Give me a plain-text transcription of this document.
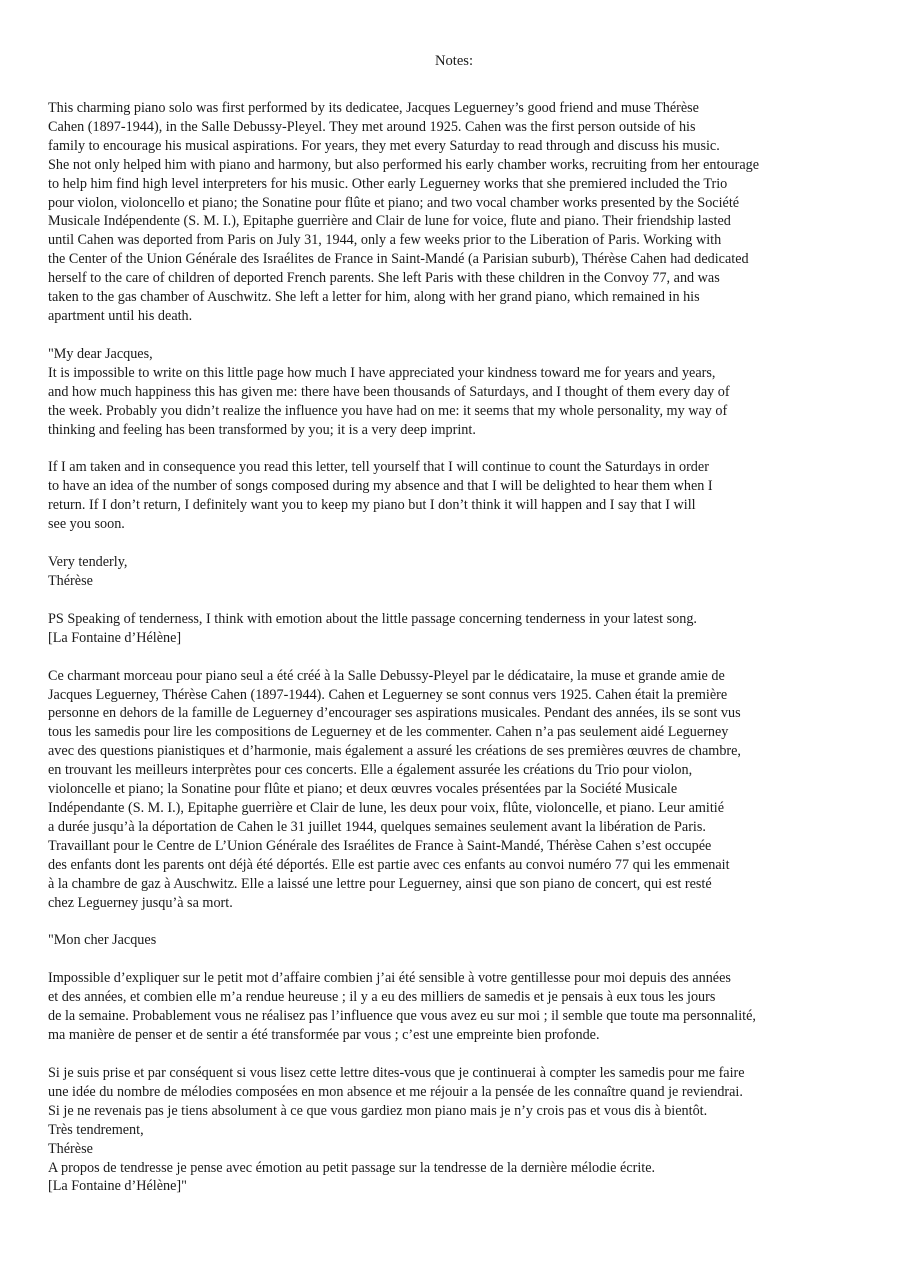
Notes:
This charming piano solo was first performed by its dedicatee, Jacques Leguerney’s good friend and muse Thérèse
Cahen (1897-1944), in the Salle Debussy-Pleyel. They met around 1925. Cahen was the first person outside of his
family to encourage his musical aspirations. For years, they met every Saturday to read through and discuss his music.
She not only helped him with piano and harmony, but also performed his early chamber works, recruiting from her entourage
to help him find high level interpreters for his music. Other early Leguerney works that she premiered included the Trio
pour violon, violoncello et piano; the Sonatine pour flûte et piano; and two vocal chamber works presented by the Société
Musicale Indépendente (S. M. I.), Epitaphe guerrière and Clair de lune for voice, flute and piano. Their friendship lasted
until Cahen was deported from Paris on July 31, 1944, only a few weeks prior to the Liberation of Paris. Working with
the Center of the Union Générale des Israélites de France in Saint-Mandé (a Parisian suburb), Thérèse Cahen had dedicated
herself to the care of children of deported French parents. She left Paris with these children in the Convoy 77, and was
taken to the gas chamber of Auschwitz. She left a letter for him, along with her grand piano, which remained in his
apartment until his death.
"My dear Jacques,
It is impossible to write on this little page how much I have appreciated your kindness toward me for years and years,
and how much happiness this has given me: there have been thousands of Saturdays, and I thought of them every day of
the week. Probably you didn’t realize the influence you have had on me: it seems that my whole personality, my way of
thinking and feeling has been transformed by you; it is a very deep imprint.
If I am taken and in consequence you read this letter, tell yourself that I will continue to count the Saturdays in order
to have an idea of the number of songs composed during my absence and that I will be delighted to hear them when I
return. If I don’t return, I definitely want you to keep my piano but I don’t think it will happen and I say that I will
see you soon.
Very tenderly,
Thérèse
PS Speaking of tenderness, I think with emotion about the little passage concerning tenderness in your latest song.
[La Fontaine d’Hélène]
Ce charmant morceau pour piano seul a été créé à la Salle Debussy-Pleyel par le dédicataire, la muse et grande amie de
Jacques Leguerney, Thérèse Cahen (1897-1944). Cahen et Leguerney se sont connus vers 1925. Cahen était la première
personne en dehors de la famille de Leguerney d’encourager ses aspirations musicales. Pendant des années, ils se sont vus
tous les samedis pour lire les compositions de Leguerney et de les commenter. Cahen n’a pas seulement aidé Leguerney
avec des questions pianistiques et d’harmonie, mais également a assuré les créations de ses premières œuvres de chambre,
en trouvant les meilleurs interprètes pour ces concerts. Elle a également assurée les créations du Trio pour violon,
violoncelle et piano; la Sonatine pour flûte et piano; et deux œuvres vocales présentées par la Société Musicale
Indépendante (S. M. I.), Epitaphe guerrière et Clair de lune, les deux pour voix, flûte, violoncelle, et piano. Leur amitié
a durée jusqu’à la déportation de Cahen le 31 juillet 1944, quelques semaines seulement avant la libération de Paris.
Travaillant pour le Centre de L’Union Générale des Israélites de France à Saint-Mandé, Thérèse Cahen s’est occupée
des enfants dont les parents ont déjà été déportés. Elle est partie avec ces enfants au convoi numéro 77 qui les emmenait
à la chambre de gaz à Auschwitz. Elle a laissé une lettre pour Leguerney, ainsi que son piano de concert, qui est resté
chez Leguerney jusqu’à sa mort.
"Mon cher Jacques
Impossible d’expliquer sur le petit mot d’affaire combien j’ai été sensible à votre gentillesse pour moi depuis des années
et des années, et combien elle m’a rendue heureuse ; il y a eu des milliers de samedis et je pensais à eux tous les jours
de la semaine. Probablement vous ne réalisez pas l’influence que vous avez eu sur moi ; il semble que toute ma personnalité,
ma manière de penser et de sentir a été transformée par vous ; c’est une empreinte bien profonde.
Si je suis prise et par conséquent si vous lisez cette lettre dites-vous que je continuerai à compter les samedis pour me faire
une idée du nombre de mélodies composées en mon absence et me réjouir a la pensée de les connaître quand je reviendrai.
Si je ne revenais pas je tiens absolument à ce que vous gardiez mon piano mais je n’y crois pas et vous dis à bientôt.
Très tendrement,
Thérèse
A propos de tendresse je pense avec émotion au petit passage sur la tendresse de la dernière mélodie écrite.
[La Fontaine d’Hélène]"
